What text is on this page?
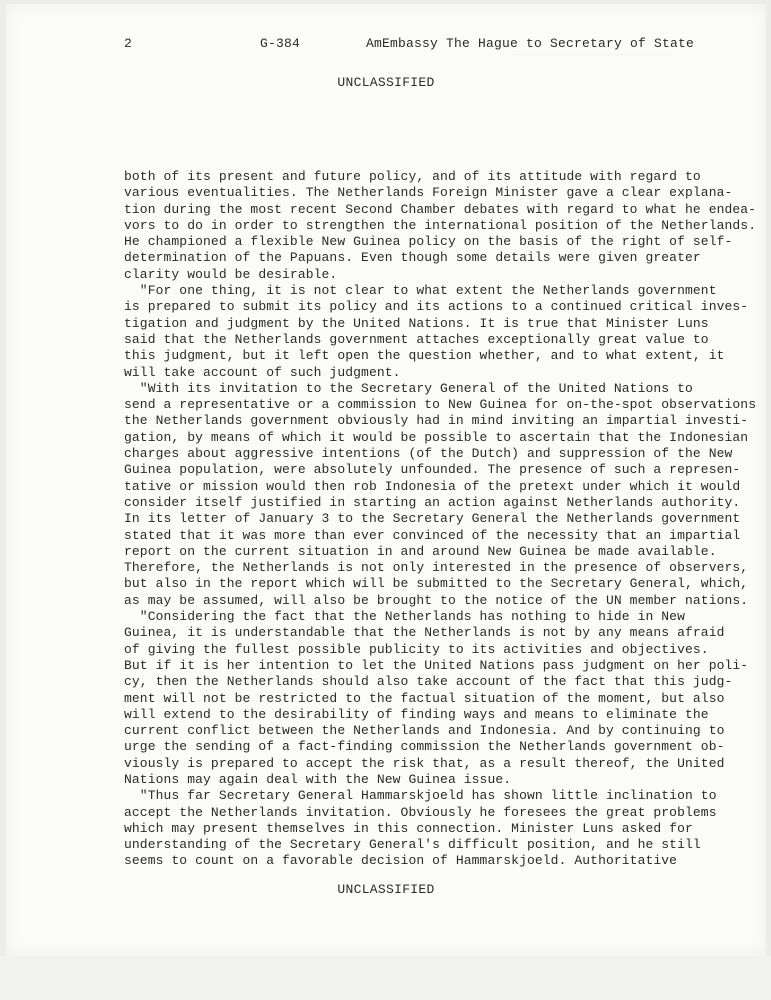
2	G-384	AmEmbassy The Hague to Secretary of State
UNCLASSIFIED
both of its present and future policy, and of its attitude with regard to
various eventualities. The Netherlands Foreign Minister gave a clear explana-
tion during the most recent Second Chamber debates with regard to what he endea-
vors to do in order to strengthen the international position of the Netherlands.
He championed a flexible New Guinea policy on the basis of the right of self-
determination of the Papuans. Even though some details were given greater
clarity would be desirable.
"For one thing, it is not clear to what extent the Netherlands government
is prepared to submit its policy and its actions to a continued critical inves-
tigation and judgment by the United Nations. It is true that Minister Luns
said that the Netherlands government attaches exceptionally great value to
this judgment, but it left open the question whether, and to what extent, it
will take account of such judgment.
"With its invitation to the Secretary General of the United Nations to
send a representative or a commission to New Guinea for on-the-spot observations
the Netherlands government obviously had in mind inviting an impartial investi-
gation, by means of which it would be possible to ascertain that the Indonesian
charges about aggressive intentions (of the Dutch) and suppression of the New
Guinea population, were absolutely unfounded. The presence of such a represen-
tative or mission would then rob Indonesia of the pretext under which it would
consider itself justified in starting an action against Netherlands authority.
In its letter of January 3 to the Secretary General the Netherlands government
stated that it was more than ever convinced of the necessity that an impartial
report on the current situation in and around New Guinea be made available.
Therefore, the Netherlands is not only interested in the presence of observers,
but also in the report which will be submitted to the Secretary General, which,
as may be assumed, will also be brought to the notice of the UN member nations.
"Considering the fact that the Netherlands has nothing to hide in New
Guinea, it is understandable that the Netherlands is not by any means afraid
of giving the fullest possible publicity to its activities and objectives.
But if it is her intention to let the United Nations pass judgment on her poli-
cy, then the Netherlands should also take account of the fact that this judg-
ment will not be restricted to the factual situation of the moment, but also
will extend to the desirability of finding ways and means to eliminate the
current conflict between the Netherlands and Indonesia. And by continuing to
urge the sending of a fact-finding commission the Netherlands government ob-
viously is prepared to accept the risk that, as a result thereof, the United
Nations may again deal with the New Guinea issue.
"Thus far Secretary General Hammarskjoeld has shown little inclination to
accept the Netherlands invitation. Obviously he foresees the great problems
which may present themselves in this connection. Minister Luns asked for
understanding of the Secretary General's difficult position, and he still
seems to count on a favorable decision of Hammarskjoeld. Authoritative
UNCLASSIFIED
